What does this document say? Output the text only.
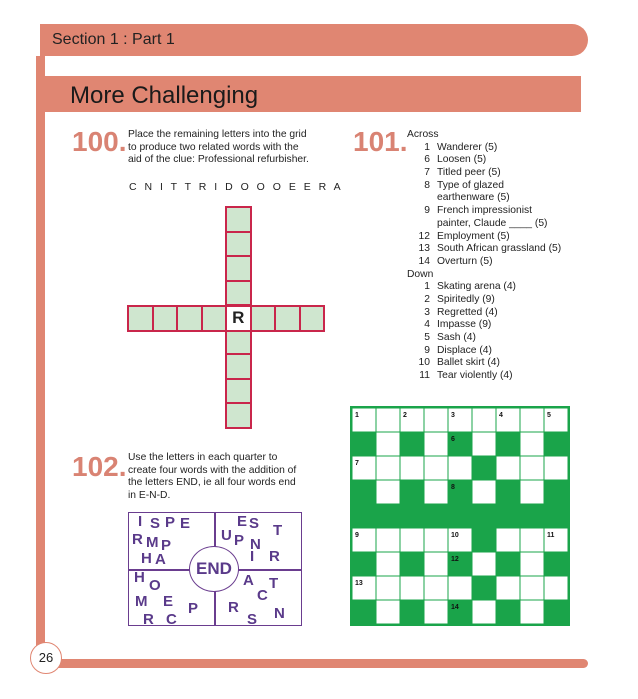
Section 1 : Part 1
More Challenging
26
100. Place the remaining letters into the grid
to produce two related words with the
aid of the clue: Professional refurbisher.
C N I T T R I D O O O E E R A
R
101. Across
1 Wanderer (5)
6 Loosen (5)
7 Titled peer (5)
8 Type of glazed
earthenware (5)
9 French impressionist
painter, Claude ____ (5)
12 Employment (5)
13 South African grassland (5)
14 Overturn (5)
Down
1 Skating arena (4)
2 Spiritedly (9)
3 Regretted (4)
4 Impasse (9)
5 Sash (4)
9 Displace (4)
10 Ballet skirt (4)
11 Tear violently (4)
1	2	3	4	5
6
7
8
9	10	11
12
13
14
102. Use the letters in each quarter to
create four words with the addition of
the letters END, ie all four words end
in E-N-D.
END
I S P E
R M P
H A
U
E S T
P N
I R
H O
M E P
R C
A T
C
R
S N
